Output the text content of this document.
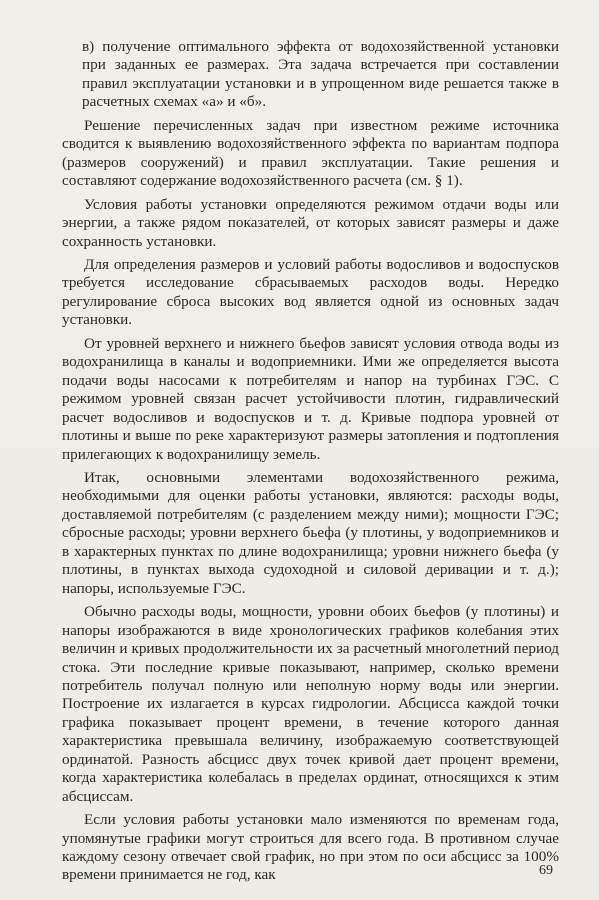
в) получение оптимального эффекта от водохозяйственной установки при заданных ее размерах. Эта задача встречается при составлении правил эксплуатации установки и в упрощенном виде решается также в расчетных схемах «а» и «б».

Решение перечисленных задач при известном режиме источника сводится к выявлению водохозяйственного эффекта по вариантам подпора (размеров сооружений) и правил эксплуатации. Такие решения и составляют содержание водохозяйственного расчета (см. § 1).

Условия работы установки определяются режимом отдачи воды или энергии, а также рядом показателей, от которых зависят размеры и даже сохранность установки.

Для определения размеров и условий работы водосливов и водоспусков требуется исследование сбрасываемых расходов воды. Нередко регулирование сброса высоких вод является одной из основных задач установки.

От уровней верхнего и нижнего бьефов зависят условия отвода воды из водохранилища в каналы и водоприемники. Ими же определяется высота подачи воды насосами к потребителям и напор на турбинах ГЭС. С режимом уровней связан расчет устойчивости плотин, гидравлический расчет водосливов и водоспусков и т. д. Кривые подпора уровней от плотины и выше по реке характеризуют размеры затопления и подтопления прилегающих к водохранилищу земель.

Итак, основными элементами водохозяйственного режима, необходимыми для оценки работы установки, являются: расходы воды, доставляемой потребителям (с разделением между ними); мощности ГЭС; сбросные расходы; уровни верхнего бьефа (у плотины, у водоприемников и в характерных пунктах по длине водохранилища; уровни нижнего бьефа (у плотины, в пунктах выхода судоходной и силовой деривации и т. д.); напоры, используемые ГЭС.

Обычно расходы воды, мощности, уровни обоих бьефов (у плотины) и напоры изображаются в виде хронологических графиков колебания этих величин и кривых продолжительности их за расчетный многолетний период стока. Эти последние кривые показывают, например, сколько времени потребитель получал полную или неполную норму воды или энергии. Построение их излагается в курсах гидрологии. Абсцисса каждой точки графика показывает процент времени, в течение которого данная характеристика превышала величину, изображаемую соответствующей ординатой. Разность абсцисс двух точек кривой дает процент времени, когда характеристика колебалась в пределах ординат, относящихся к этим абсциссам.

Если условия работы установки мало изменяются по временам года, упомянутые графики могут строиться для всего года. В противном случае каждому сезону отвечает свой график, но при этом по оси абсцисс за 100% времени принимается не год, как	69
